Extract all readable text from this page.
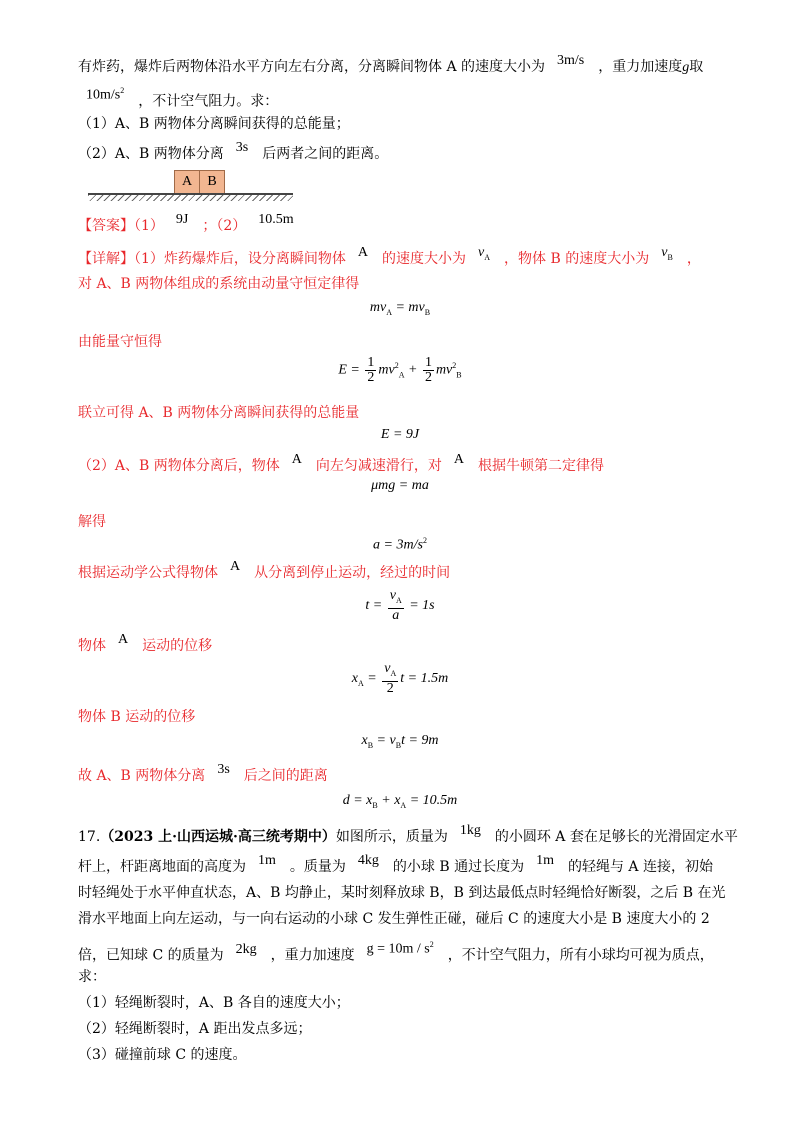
有炸药，爆炸后两物体沿水平方向左右分离，分离瞬间物体 A 的速度大小为 3m/s ，重力加速度g取
$10m/s^2$，不计空气阻力。求：
（1）A、B 两物体分离瞬间获得的总能量；
（2）A、B 两物体分离 3s 后两者之间的距离。
A	B
【答案】（1） 9J ；（2） 10.5m
【详解】（1）炸药爆炸后，设分离瞬间物体 A 的速度大小为 $v_A$ ，物体 B 的速度大小为 $v_B$ ，
对 A、B 两物体组成的系统由动量守恒定律得
$mv_A = mv_B$
由能量守恒得
$E = \frac{1}{2} mv^2_A + \frac{1}{2} mv^2_B$
联立可得 A、B 两物体分离瞬间获得的总能量
E = 9J
（2）A、B 两物体分离后，物体 A 向左匀减速滑行，对 A 根据牛顿第二定律得
μmg = ma
解得
$a = 3m/s^2$
根据运动学公式得物体 A 从分离到停止运动，经过的时间
$t = \frac{v_A}{a} = 1s$
物体 A 运动的位移
$x_A = \frac{v_A}{2}$ t = 1.5m
物体 B 运动的位移
$x_B = v_Bt = 9m$
故 A、B 两物体分离 3s 后之间的距离
$d = x_B + x_A = 10.5m$
17.（2023 上·山西运城·高三统考期中）如图所示，质量为 1kg 的小圆环 A 套在足够长的光滑固定水平
杆上，杆距离地面的高度为 1m 。质量为 4kg 的小球 B 通过长度为 1m 的轻绳与 A 连接，初始
时轻绳处于水平伸直状态，A、B 均静止，某时刻释放球 B，B 到达最低点时轻绳恰好断裂，之后 B 在光
滑水平地面上向左运动，与一向右运动的小球 C 发生弹性正碰，碰后 C 的速度大小是 B 速度大小的 2
倍，已知球 C 的质量为 2kg ，重力加速度 $g = 10m / s^2$，不计空气阻力，所有小球均可视为质点，
求：
（1）轻绳断裂时，A、B 各自的速度大小；
（2）轻绳断裂时，A 距出发点多远；
（3）碰撞前球 C 的速度。
